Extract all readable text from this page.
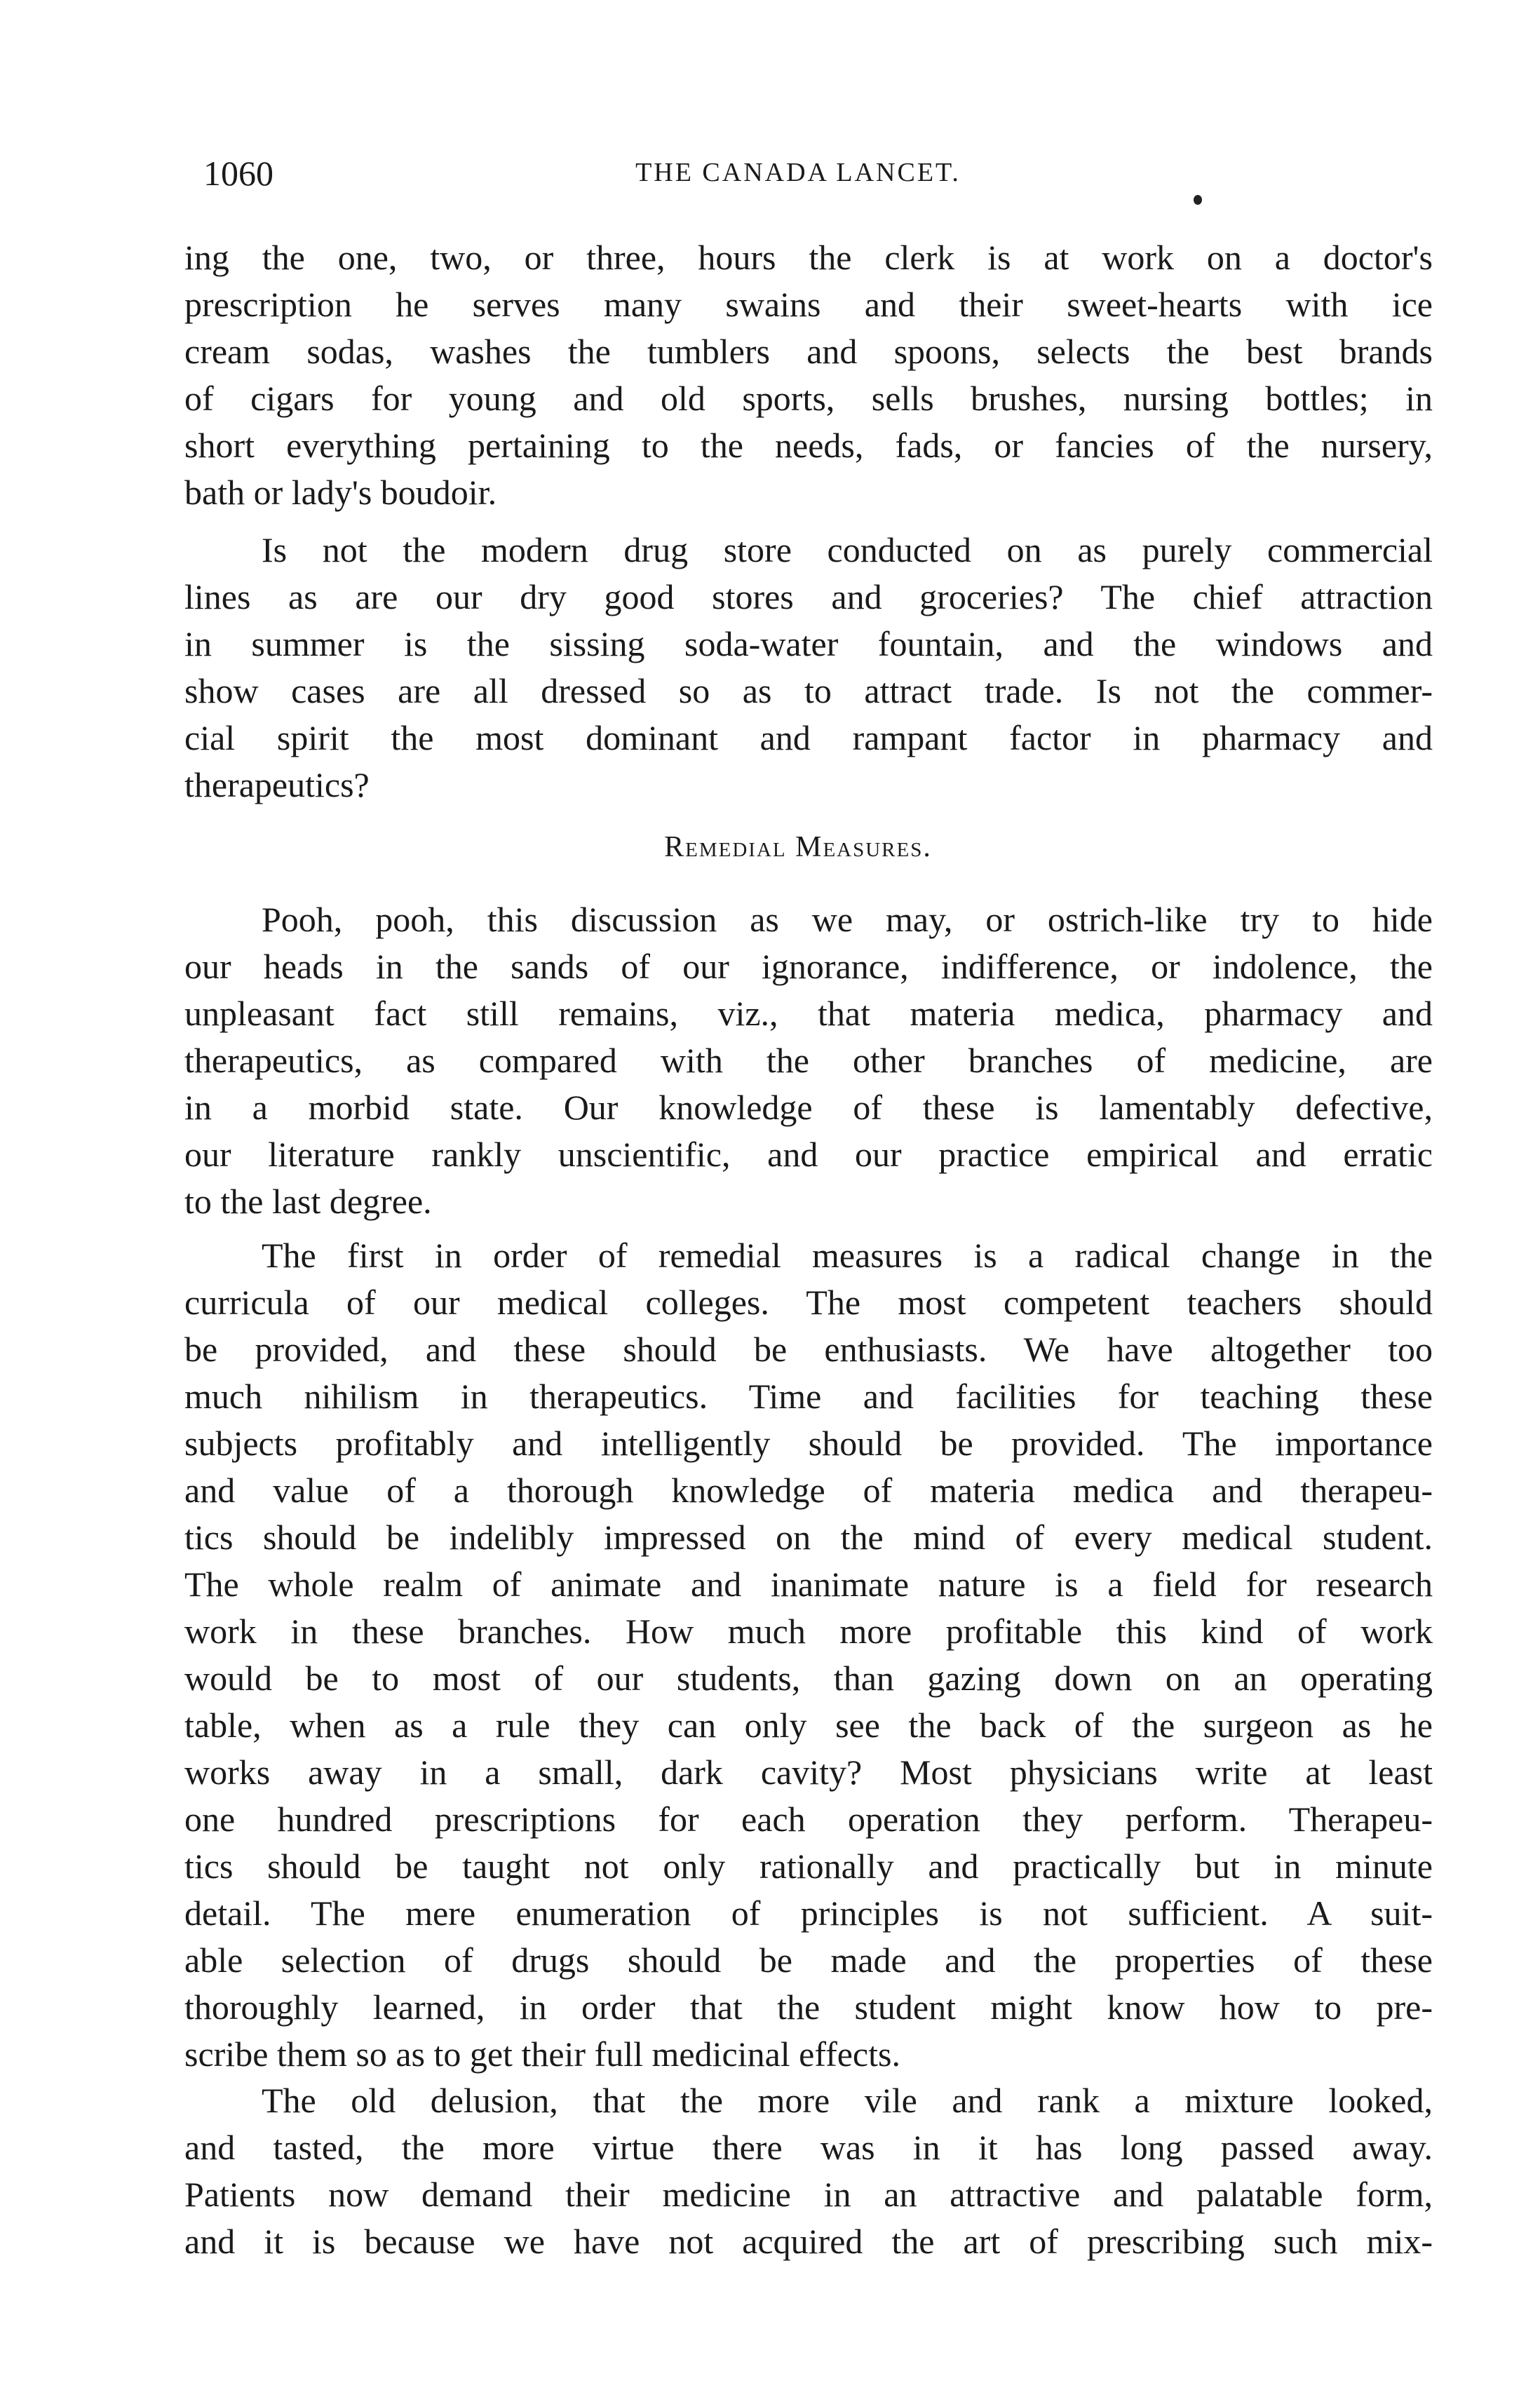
1060	THE CANADA LANCET.
Remedial Measures.
ing the one, two, or three, hours the clerk is at work on a doctor's
prescription he serves many swains and their sweet-hearts with ice
cream sodas, washes the tumblers and spoons, selects the best brands
of cigars for young and old sports, sells brushes, nursing bottles; in
short everything pertaining to the needs, fads, or fancies of the nursery,
bath or lady's boudoir.
Is not the modern drug store conducted on as purely commercial
lines as are our dry good stores and groceries? The chief attraction
in summer is the sissing soda-water fountain, and the windows and
show cases are all dressed so as to attract trade. Is not the commer-
cial spirit the most dominant and rampant factor in pharmacy and
therapeutics?
Pooh, pooh, this discussion as we may, or ostrich-like try to hide
our heads in the sands of our ignorance, indifference, or indolence, the
unpleasant fact still remains, viz., that materia medica, pharmacy and
therapeutics, as compared with the other branches of medicine, are
in a morbid state. Our knowledge of these is lamentably defective,
our literature rankly unscientific, and our practice empirical and erratic
to the last degree.
The first in order of remedial measures is a radical change in the
curricula of our medical colleges. The most competent teachers should
be provided, and these should be enthusiasts. We have altogether too
much nihilism in therapeutics. Time and facilities for teaching these
subjects profitably and intelligently should be provided. The importance
and value of a thorough knowledge of materia medica and therapeu-
tics should be indelibly impressed on the mind of every medical student.
The whole realm of animate and inanimate nature is a field for research
work in these branches. How much more profitable this kind of work
would be to most of our students, than gazing down on an operating
table, when as a rule they can only see the back of the surgeon as he
works away in a small, dark cavity? Most physicians write at least
one hundred prescriptions for each operation they perform. Therapeu-
tics should be taught not only rationally and practically but in minute
detail. The mere enumeration of principles is not sufficient. A suit-
able selection of drugs should be made and the properties of these
thoroughly learned, in order that the student might know how to pre-
scribe them so as to get their full medicinal effects.
The old delusion, that the more vile and rank a mixture looked,
and tasted, the more virtue there was in it has long passed away.
Patients now demand their medicine in an attractive and palatable form,
and it is because we have not acquired the art of prescribing such mix-
